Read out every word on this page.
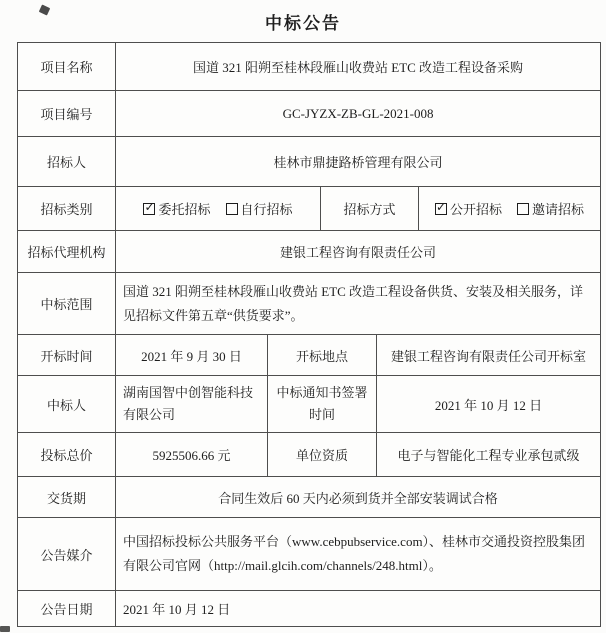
中标公告
项目名称	国道 321 阳朔至桂林段雁山收费站 ETC 改造工程设备采购				
项目编号	GC-JYZX-ZB-GL-2021-008				
招标人	桂林市鼎捷路桥管理有限公司				
招标类别	✓委托招标 自行招标		招标方式	✓公开招标 邀请招标
招标代理机构	建银工程咨询有限责任公司				
中标范围	国道 321 阳朔至桂林段雁山收费站 ETC 改造工程设备供货、安装及相关服务，详见招标文件第五章“供货要求”。				
开标时间	2021 年 9 月 30 日	开标地点		建银工程咨询有限责任公司开标室	
中标人	湖南国智中创智能科技有限公司	中标通知书签署时间		2021 年 10 月 12 日	
投标总价	5925506.66 元	单位资质		电子与智能化工程专业承包贰级	
交货期	合同生效后 60 天内必须到货并全部安装调试合格				
公告媒介	中国招标投标公共服务平台（www.cebpubservice.com）、桂林市交通投资控股集团有限公司官网（http://mail.glcih.com/channels/248.html）。				
公告日期	2021 年 10 月 12 日				
